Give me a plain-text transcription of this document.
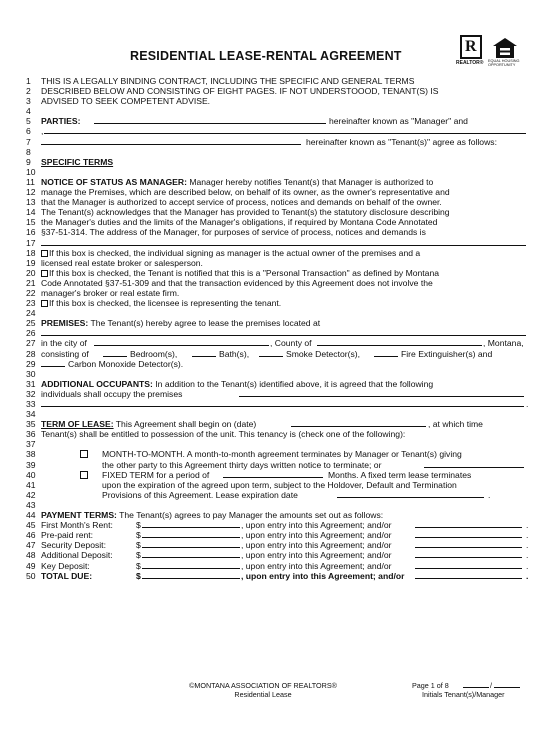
RESIDENTIAL LEASE-RENTAL AGREEMENT
R
REALTOR® EQUAL HOUSING OPPORTUNITY
1	THIS IS A LEGALLY BINDING CONTRACT, INCLUDING THE SPECIFIC AND GENERAL TERMS
2	DESCRIBED BELOW AND CONSISTING OF EIGHT PAGES. IF NOT UNDERSTOOOD, TENANT(S) IS
3	ADVISED TO SEEK COMPETENT ADVISE.
4
5	PARTIES:	hereinafter known as "Manager" and
6	,
7	hereinafter known as "Tenant(s)" agree as follows:
8
9	SPECIFIC TERMS
10
11 NOTICE OF STATUS AS MANAGER: Manager hereby notifies Tenant(s) that Manager is authorized to
12 manage the Premises, which are described below, on behalf of its owner, as the owner's representative and
13 that the Manager is authorized to accept service of process, notices and demands on behalf of the owner.
14 The Tenant(s) acknowledges that the Manager has provided to Tenant(s) the statutory disclosure describing
15 the Manager's duties and the limits of the Manager's obligations, if required by Montana Code Annotated
16 §37-51-314. The address of the Manager, for purposes of service of process, notices and demands is
17
18	If this box is checked, the individual signing as manager is the actual owner of the premises and a
19 licensed real estate broker or salesperson.
20	If this box is checked, the Tenant is notified that this is a "Personal Transaction" as defined by Montana
21 Code Annotated §37-51-309 and that the transaction evidenced by this Agreement does not involve the
22 manager's broker or real estate firm.
23	If this box is checked, the licensee is representing the tenant.
24
25 PREMISES: The Tenant(s) hereby agree to lease the premises located at
26
27 in the city of	, County of	, Montana,
28 consisting of	Bedroom(s),	Bath(s),	Smoke Detector(s),	Fire Extinguisher(s) and
29	Carbon Monoxide Detector(s).
30
31 ADDITIONAL OCCUPANTS: In addition to the Tenant(s) identified above, it is agreed that the following
32 individuals shall occupy the premises
33	.
34
35 TERM OF LEASE: This Agreement shall begin on (date)	, at which time
36 Tenant(s) shall be entitled to possession of the unit. This tenancy is (check one of the following):
37
38	MONTH-TO-MONTH. A month-to-month agreement terminates by Manager or Tenant(s) giving
39	the other party to this Agreement thirty days written notice to terminate; or
40	FIXED TERM for a period of	Months. A fixed term lease terminates
41	upon the expiration of the agreed upon term, subject to the Holdover, Default and Termination
42	Provisions of this Agreement. Lease expiration date	.
43
44 PAYMENT TERMS: The Tenant(s) agrees to pay Manager the amounts set out as follows:
45 First Month's Rent:	$	, upon entry into this Agreement; and/or	.
46 Pre-paid rent:	$	, upon entry into this Agreement; and/or	.
47 Security Deposit:	$	, upon entry into this Agreement; and/or	.
48 Additional Deposit:	$	, upon entry into this Agreement; and/or	.
49 Key Deposit:	$	, upon entry into this Agreement; and/or	.
50 TOTAL DUE:	$	, upon entry into this Agreement; and/or	.
©MONTANA ASSOCIATION OF REALTORS®
Residential Lease
Page 1 of 8	/
Initials Tenant(s)/Manager
